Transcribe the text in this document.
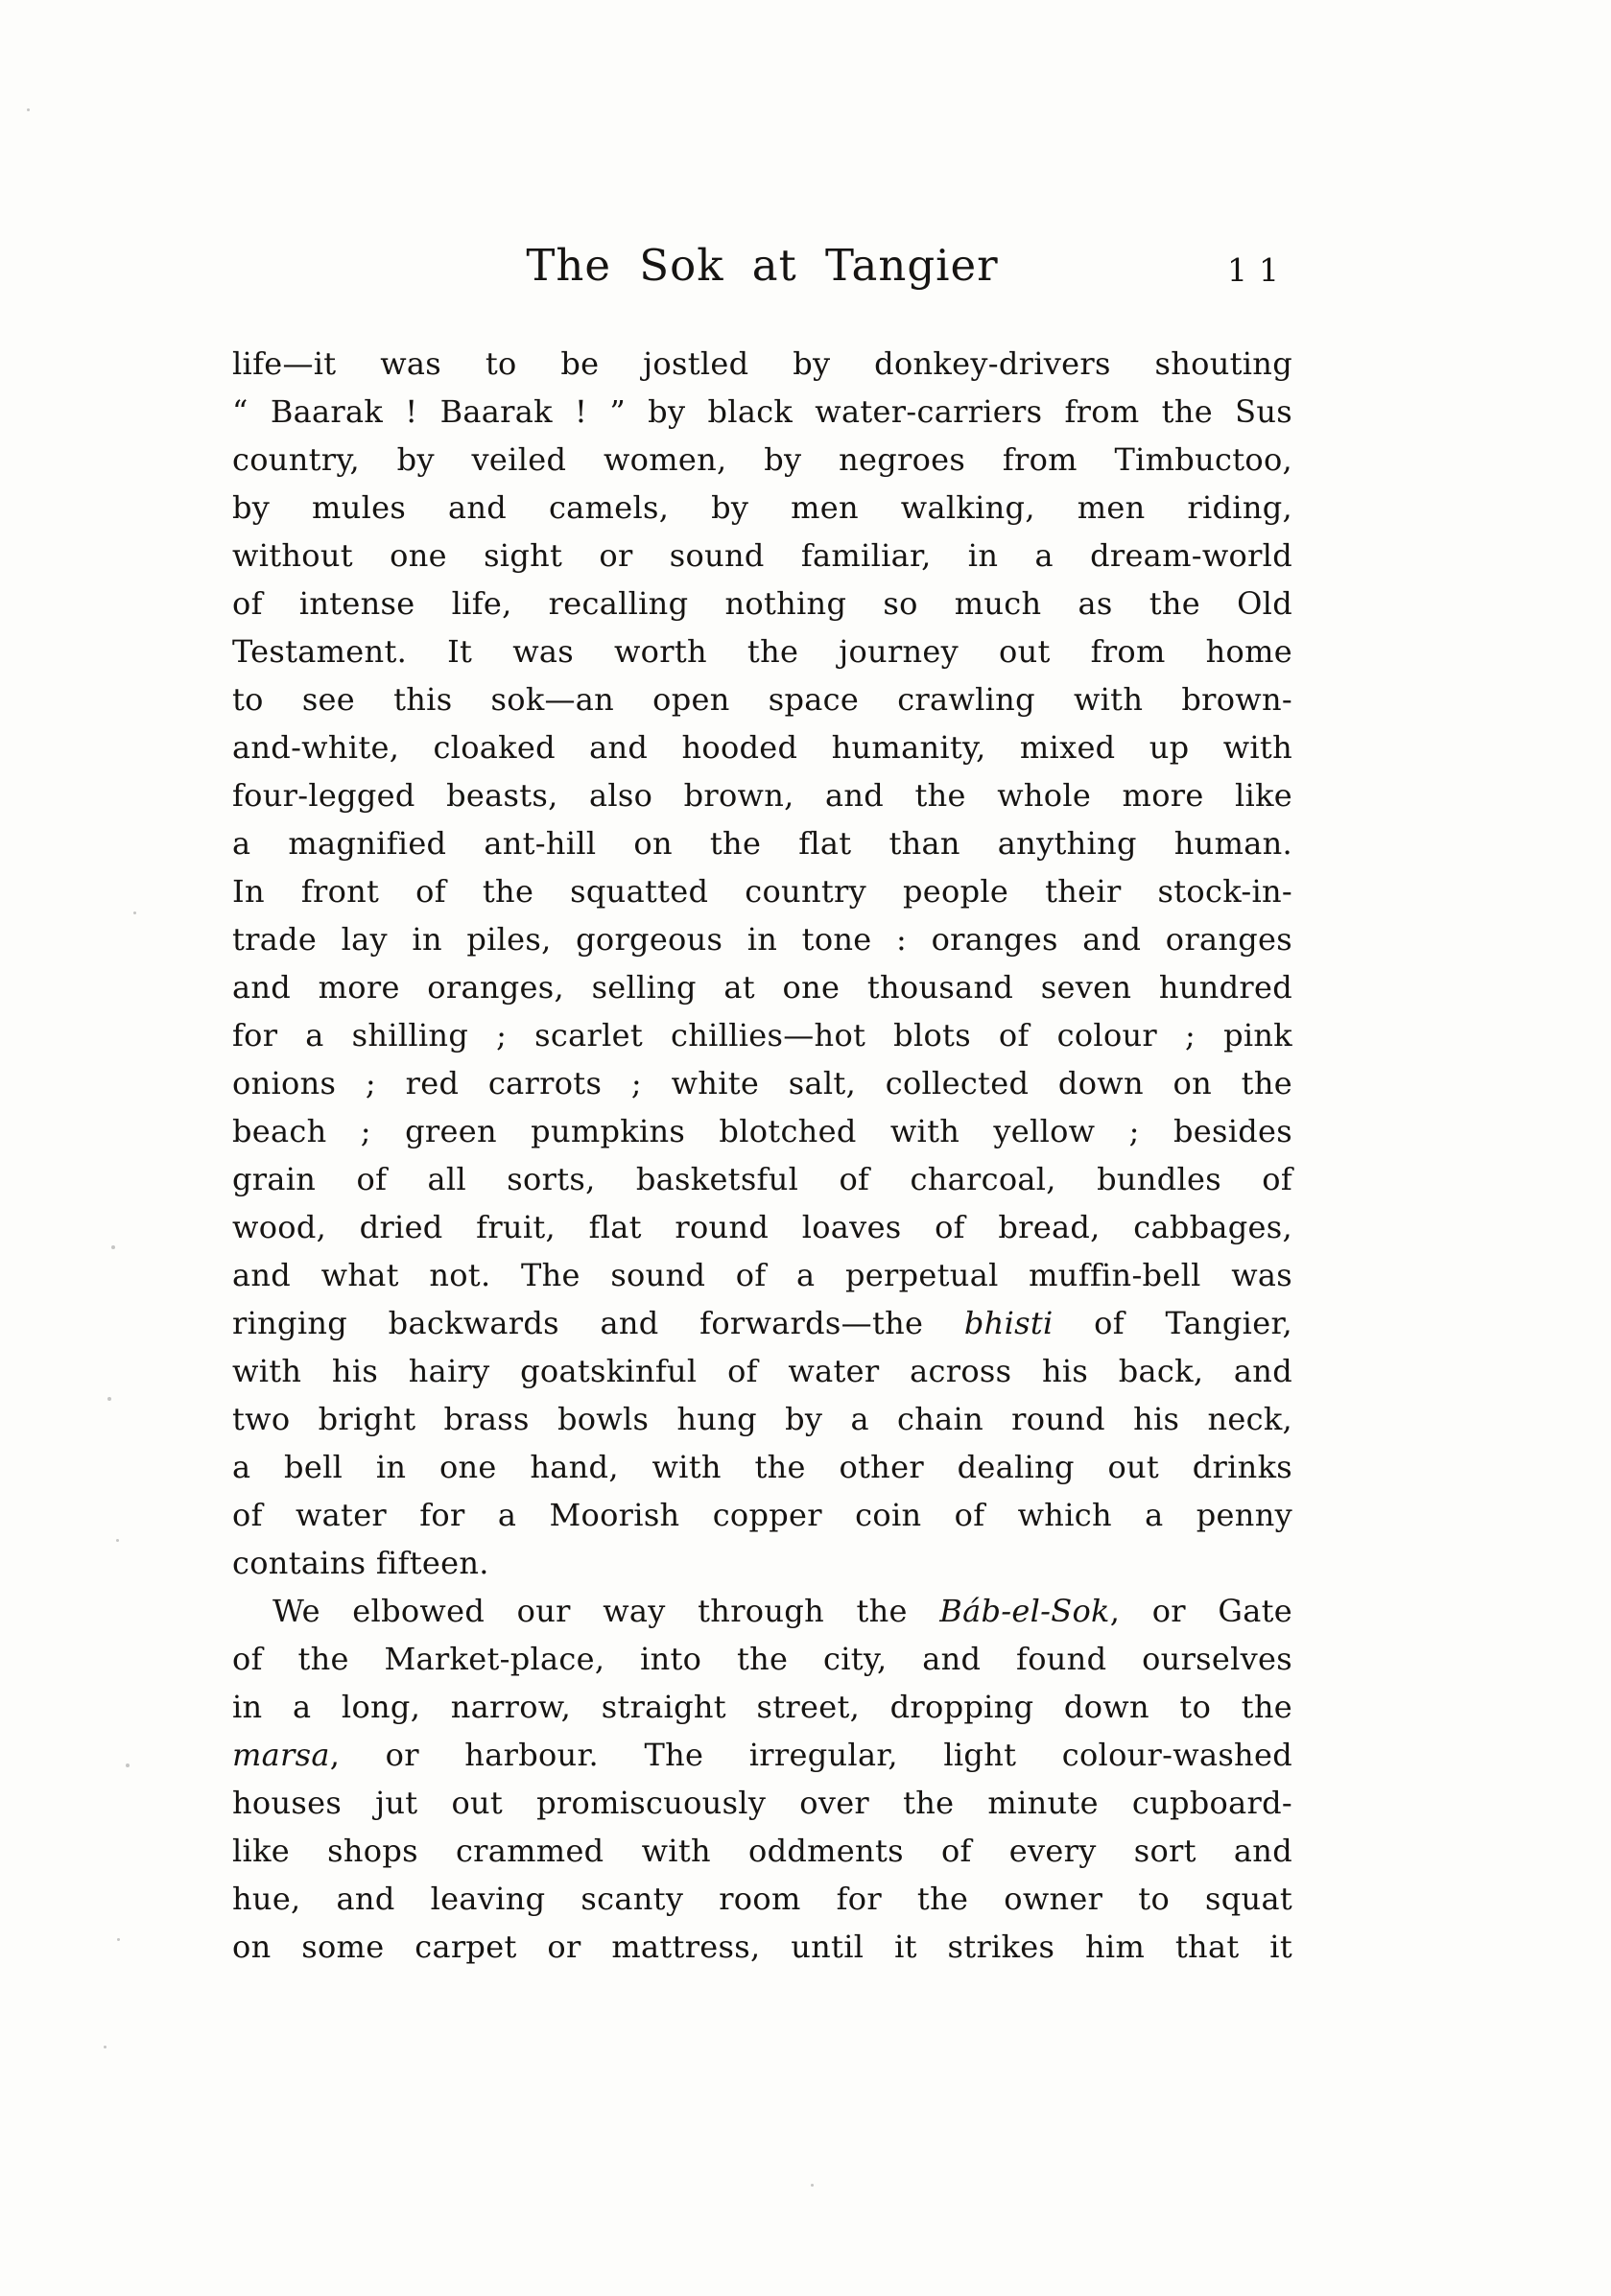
The Sok at Tangier	11
life—it was to be jostled by donkey-drivers shouting
“ Baarak ! Baarak ! ” by black water-carriers from the Sus
country, by veiled women, by negroes from Timbuctoo,
by mules and camels, by men walking, men riding,
without one sight or sound familiar, in a dream-world
of intense life, recalling nothing so much as the Old
Testament. It was worth the journey out from home
to see this sok—an open space crawling with brown-
and-white, cloaked and hooded humanity, mixed up with
four-legged beasts, also brown, and the whole more like
a magnified ant-hill on the flat than anything human.
In front of the squatted country people their stock-in-
trade lay in piles, gorgeous in tone : oranges and oranges
and more oranges, selling at one thousand seven hundred
for a shilling ; scarlet chillies—hot blots of colour ; pink
onions ; red carrots ; white salt, collected down on the
beach ; green pumpkins blotched with yellow ; besides
grain of all sorts, basketsful of charcoal, bundles of
wood, dried fruit, flat round loaves of bread, cabbages,
and what not. The sound of a perpetual muffin-bell was
ringing backwards and forwards—the bhisti of Tangier,
with his hairy goatskinful of water across his back, and
two bright brass bowls hung by a chain round his neck,
a bell in one hand, with the other dealing out drinks
of water for a Moorish copper coin of which a penny
contains fifteen.
We elbowed our way through the Báb-el-Sok, or Gate
of the Market-place, into the city, and found ourselves
in a long, narrow, straight street, dropping down to the
marsa, or harbour. The irregular, light colour-washed
houses jut out promiscuously over the minute cupboard-
like shops crammed with oddments of every sort and
hue, and leaving scanty room for the owner to squat
on some carpet or mattress, until it strikes him that it
